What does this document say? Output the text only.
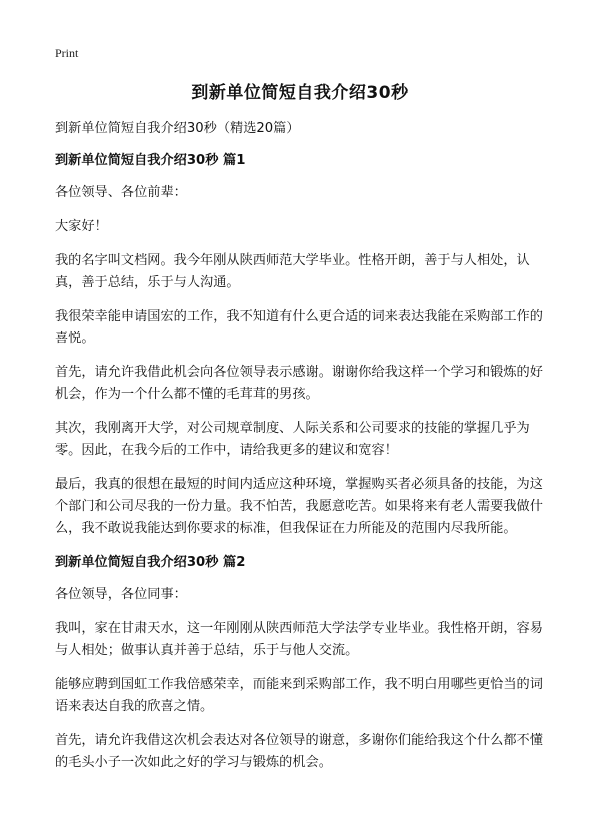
Print
到新单位简短自我介绍30秒

到新单位简短自我介绍30秒（精选20篇）

到新单位简短自我介绍30秒 篇1

各位领导、各位前辈：

大家好！

我的名字叫文档网。我今年刚从陕西师范大学毕业。性格开朗，善于与人相处，认真，善于总结，乐于与人沟通。

我很荣幸能申请国宏的工作，我不知道有什么更合适的词来表达我能在采购部工作的喜悦。

首先，请允许我借此机会向各位领导表示感谢。谢谢你给我这样一个学习和锻炼的好机会，作为一个什么都不懂的毛茸茸的男孩。

其次，我刚离开大学，对公司规章制度、人际关系和公司要求的技能的掌握几乎为零。因此，在我今后的工作中，请给我更多的建议和宽容！

最后，我真的很想在最短的时间内适应这种环境，掌握购买者必须具备的技能，为这个部门和公司尽我的一份力量。我不怕苦，我愿意吃苦。如果将来有老人需要我做什么，我不敢说我能达到你要求的标准，但我保证在力所能及的范围内尽我所能。

到新单位简短自我介绍30秒 篇2

各位领导，各位同事：

我叫，家在甘肃天水，这一年刚刚从陕西师范大学法学专业毕业。我性格开朗，容易与人相处；做事认真并善于总结，乐于与他人交流。

能够应聘到国虹工作我倍感荣幸，而能来到采购部工作，我不明白用哪些更恰当的词语来表达自我的欣喜之情。

首先，请允许我借这次机会表达对各位领导的谢意，多谢你们能给我这个什么都不懂的毛头小子一次如此之好的学习与锻炼的机会。
